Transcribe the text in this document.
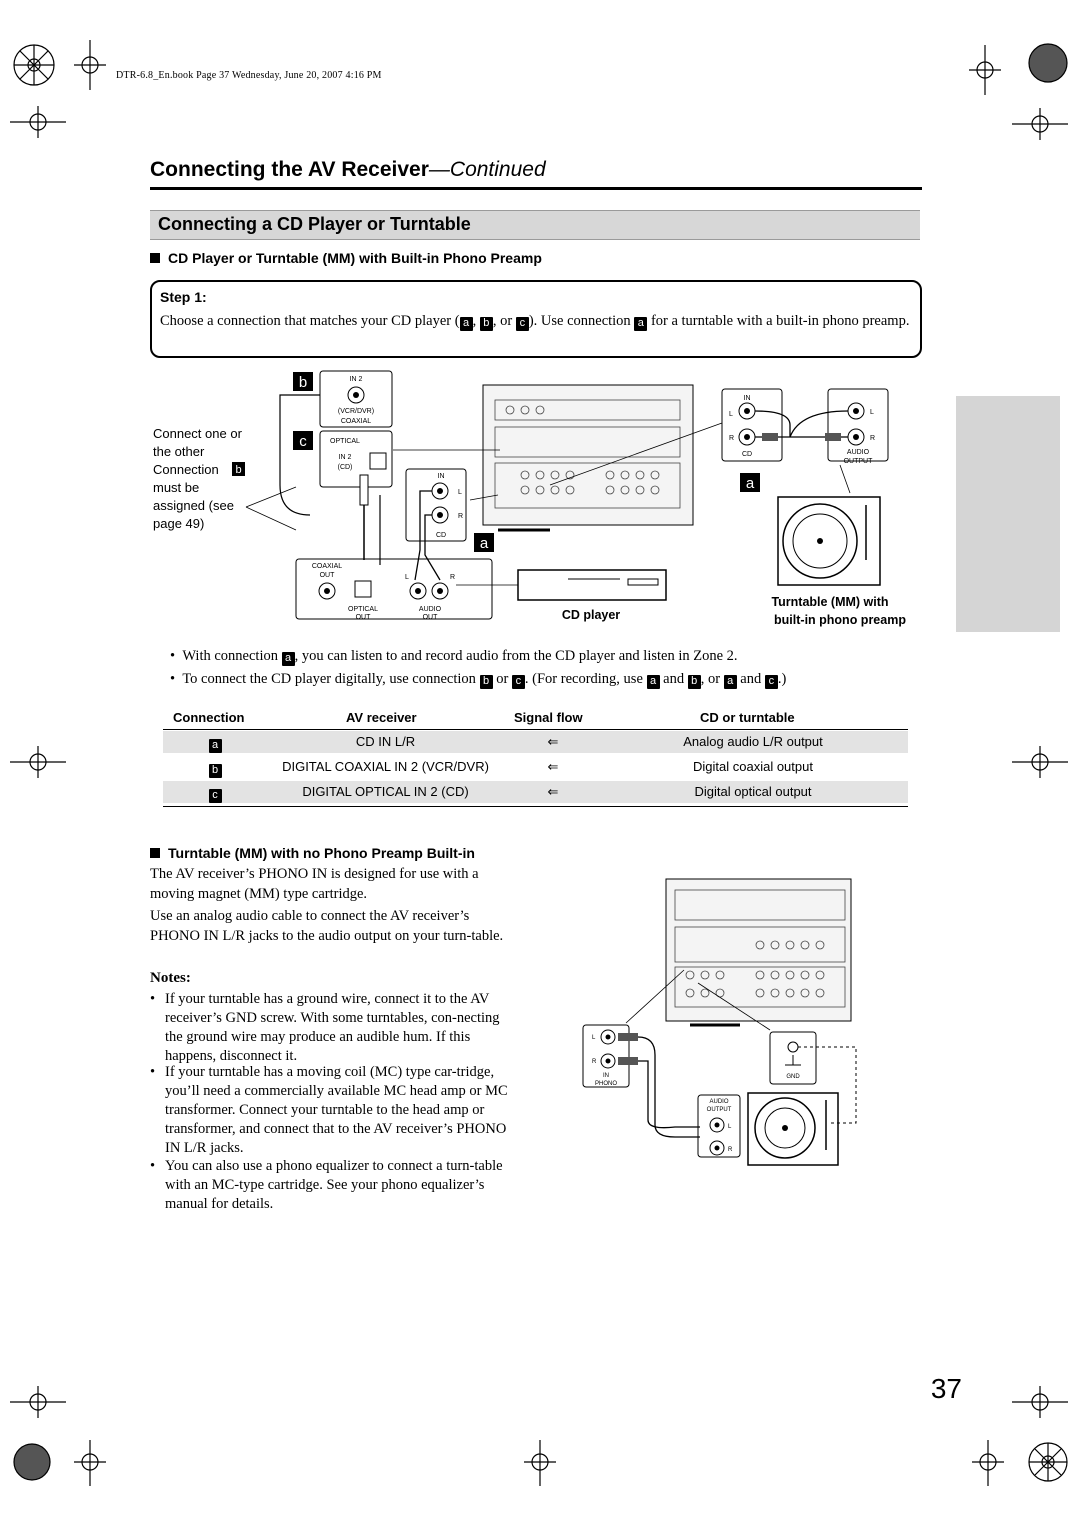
DTR-6.8_En.book Page 37 Wednesday, June 20, 2007 4:16 PM
Connecting the AV Receiver—Continued
Connecting a CD Player or Turntable
CD Player or Turntable (MM) with Built-in Phono Preamp
Step 1:
Choose a connection that matches your CD player ( a , b , or c ). Use connection a for a turntable with a built-in phono preamp.
Connect one or
the other
Connection b
must be
assigned (see
page 49)
b
c
IN 2
(VCR/DVR)
COAXIAL
OPTICAL
IN 2
(CD)
IN
L
R
CD
IN
L
R
CD
L
R
AUDIO
OUTPUT
a
a
Turntable (MM) with
built-in phono preamp
COAXIAL
OUT
OPTICAL
OUT
L	R
AUDIO
OUT	CD player
•  With connection a , you can listen to and record audio from the CD player and listen in Zone 2.
•  To connect the CD player digitally, use connection b or c . (For recording, use a and b , or a and c .)
Connection	AV receiver	Signal flow	CD or turntable
a	CD IN L/R	⇐	Analog audio L/R output
b	DIGITAL COAXIAL IN 2 (VCR/DVR)	⇐	Digital coaxial output
c	DIGITAL OPTICAL IN 2 (CD)	⇐	Digital optical output
Turntable (MM) with no Phono Preamp Built-in
The AV receiver’s PHONO IN is designed for use with a moving magnet (MM) type cartridge.
Use an analog audio cable to connect the AV receiver’s PHONO IN L/R jacks to the audio output on your turn-table.
Notes:
• If your turntable has a ground wire, connect it to the AV receiver’s GND screw. With some turntables, con-necting the ground wire may produce an audible hum. If this happens, disconnect it.
• If your turntable has a moving coil (MC) type car-tridge, you’ll need a commercially available MC head amp or MC transformer. Connect your turntable to the head amp or transformer, and connect that to the AV receiver’s PHONO IN L/R jacks.
• You can also use a phono equalizer to connect a turn-table with an MC-type cartridge. See your phono equalizer’s manual for details.
L
R
IN
PHONO
GND
AUDIO
OUTPUT
L
R
37
